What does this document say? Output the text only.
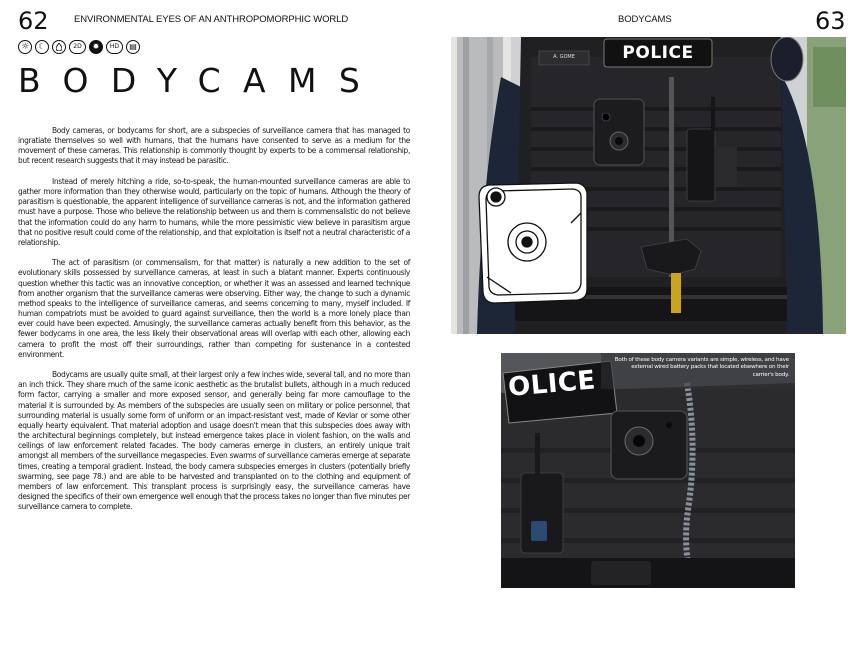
62	ENVIRONMENTAL EYES OF AN ANTHROPOMORPHIC WORLD
☼	☾	2D	✹	HD	▤
BODYCAMS

Body cameras, or bodycams for short, are a subspecies of surveillance camera that has managed to ingratiate themselves so well with humans, that the humans have consented to serve as a medium for the movement of these cameras. This relationship is commonly thought by experts to be a commensal relationship, but recent research suggests that it may instead be parasitic.

Instead of merely hitching a ride, so-to-speak, the human-mounted surveillance cameras are able to gather more information than they otherwise would, particularly on the topic of humans. Although the theory of parasitism is questionable, the apparent intelligence of surveillance cameras is not, and the information gathered must have a purpose. Those who believe the relationship between us and them is commensalistic do not believe that the information could do any harm to humans, while the more pessimistic view believe in parasitism argue that no positive result could come of the relationship, and that exploitation is itself not a neutral characteristic of a relationship.

The act of parasitism (or commensalism, for that matter) is naturally a new addition to the set of evolutionary skills possessed by surveillance cameras, at least in such a blatant manner. Experts continuously question whether this tactic was an innovative conception, or whether it was an assessed and learned technique from another organism that the surveillance cameras were observing. Either way, the change to such a dynamic method speaks to the intelligence of surveillance cameras, and seems concerning to many, myself included. If human compatriots must be avoided to guard against surveillance, then the world is a more lonely place than ever could have been expected. Amusingly, the surveillance cameras actually benefit from this behavior, as the fewer bodycams in one area, the less likely their observational areas will overlap with each other, allowing each camera to profit the most off their surroundings, rather than competing for sustenance in a contested environment.

Bodycams are usually quite small, at their largest only a few inches wide, several tall, and no more than an inch thick. They share much of the same iconic aesthetic as the brutalist bullets, although in a much reduced form factor, carrying a smaller and more exposed sensor, and generally being far more camouflage to the material it is surrounded by. As members of the subspecies are usually seen on military or police personnel, that surrounding material is usually some form of uniform or an impact-resistant vest, made of Kevlar or some other equally hearty equivalent. That material adoption and usage doesn't mean that this subspecies does away with the architectural beginnings completely, but instead emergence takes place in violent fashion, on the walls and ceilings of law enforcement related facades. The body cameras emerge in clusters, an entirely unique trait amongst all members of the surveillance megaspecies. Even swarms of surveillance cameras emerge at separate times, creating a temporal gradient. Instead, the body camera subspecies emerges in clusters (potentially briefly swarming, see page 78.) and are able to be harvested and transplanted on to the clothing and equipment of members of law enforcement. This transplant process is surprisingly easy, the surveillance cameras have designed the specifics of their own emergence well enough that the process takes no longer than five minutes per surveillance camera to complete.

BODYCAMS	63
POLICE
A. GOME
OLICE
Both of these body camera variants are simple, wireless, and have external wired battery packs that located elsewhere on their carrier's body.
